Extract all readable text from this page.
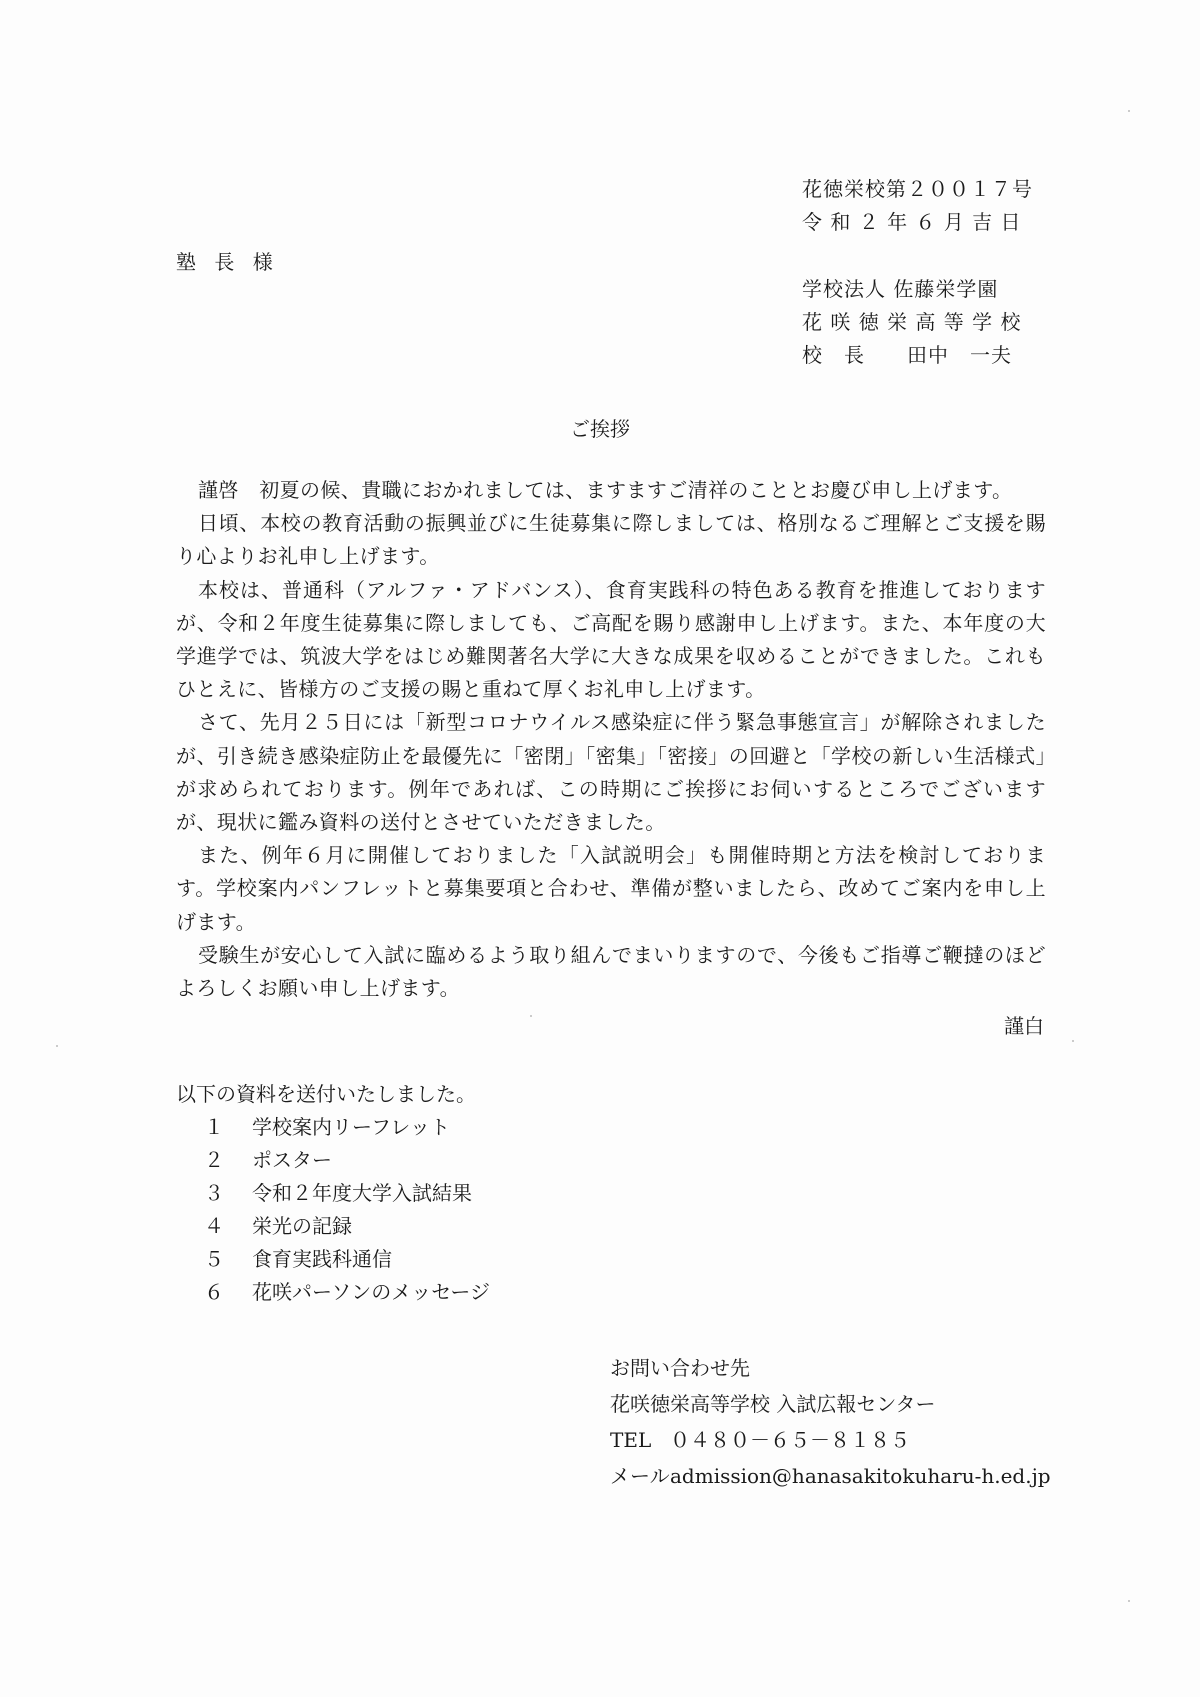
花徳栄校第２００１７号
令 和 ２ 年 ６ 月 吉 日
塾 長 様
学校法人 佐藤栄学園
花 咲 徳 栄 高 等 学 校
校　長　　田中　一夫
ご挨拶

謹啓　初夏の候、貴職におかれましては、ますますご清祥のこととお慶び申し上げます。

日頃、本校の教育活動の振興並びに生徒募集に際しましては、格別なるご理解とご支援を賜り心よりお礼申し上げます。

本校は、普通科（アルファ・アドバンス）、食育実践科の特色ある教育を推進しておりますが、令和２年度生徒募集に際しましても、ご高配を賜り感謝申し上げます。また、本年度の大学進学では、筑波大学をはじめ難関著名大学に大きな成果を収めることができました。これもひとえに、皆様方のご支援の賜と重ねて厚くお礼申し上げます。

さて、先月２５日には「新型コロナウイルス感染症に伴う緊急事態宣言」が解除されましたが、引き続き感染症防止を最優先に「密閉」「密集」「密接」の回避と「学校の新しい生活様式」が求められております。例年であれば、この時期にご挨拶にお伺いするところでございますが、現状に鑑み資料の送付とさせていただきました。

また、例年６月に開催しておりました「入試説明会」も開催時期と方法を検討しております。学校案内パンフレットと募集要項と合わせ、準備が整いましたら、改めてご案内を申し上げます。

受験生が安心して入試に臨めるよう取り組んでまいりますので、今後もご指導ご鞭撻のほどよろしくお願い申し上げます。

謹白
以下の資料を送付いたしました。
１	学校案内リーフレット
２	ポスター
３	令和２年度大学入試結果
４	栄光の記録
５	食育実践科通信
６	花咲パーソンのメッセージ
お問い合わせ先
花咲徳栄高等学校 入試広報センター
TEL ０４８０－６５－８１８５
メールadmission@hanasakitokuharu-h.ed.jp
